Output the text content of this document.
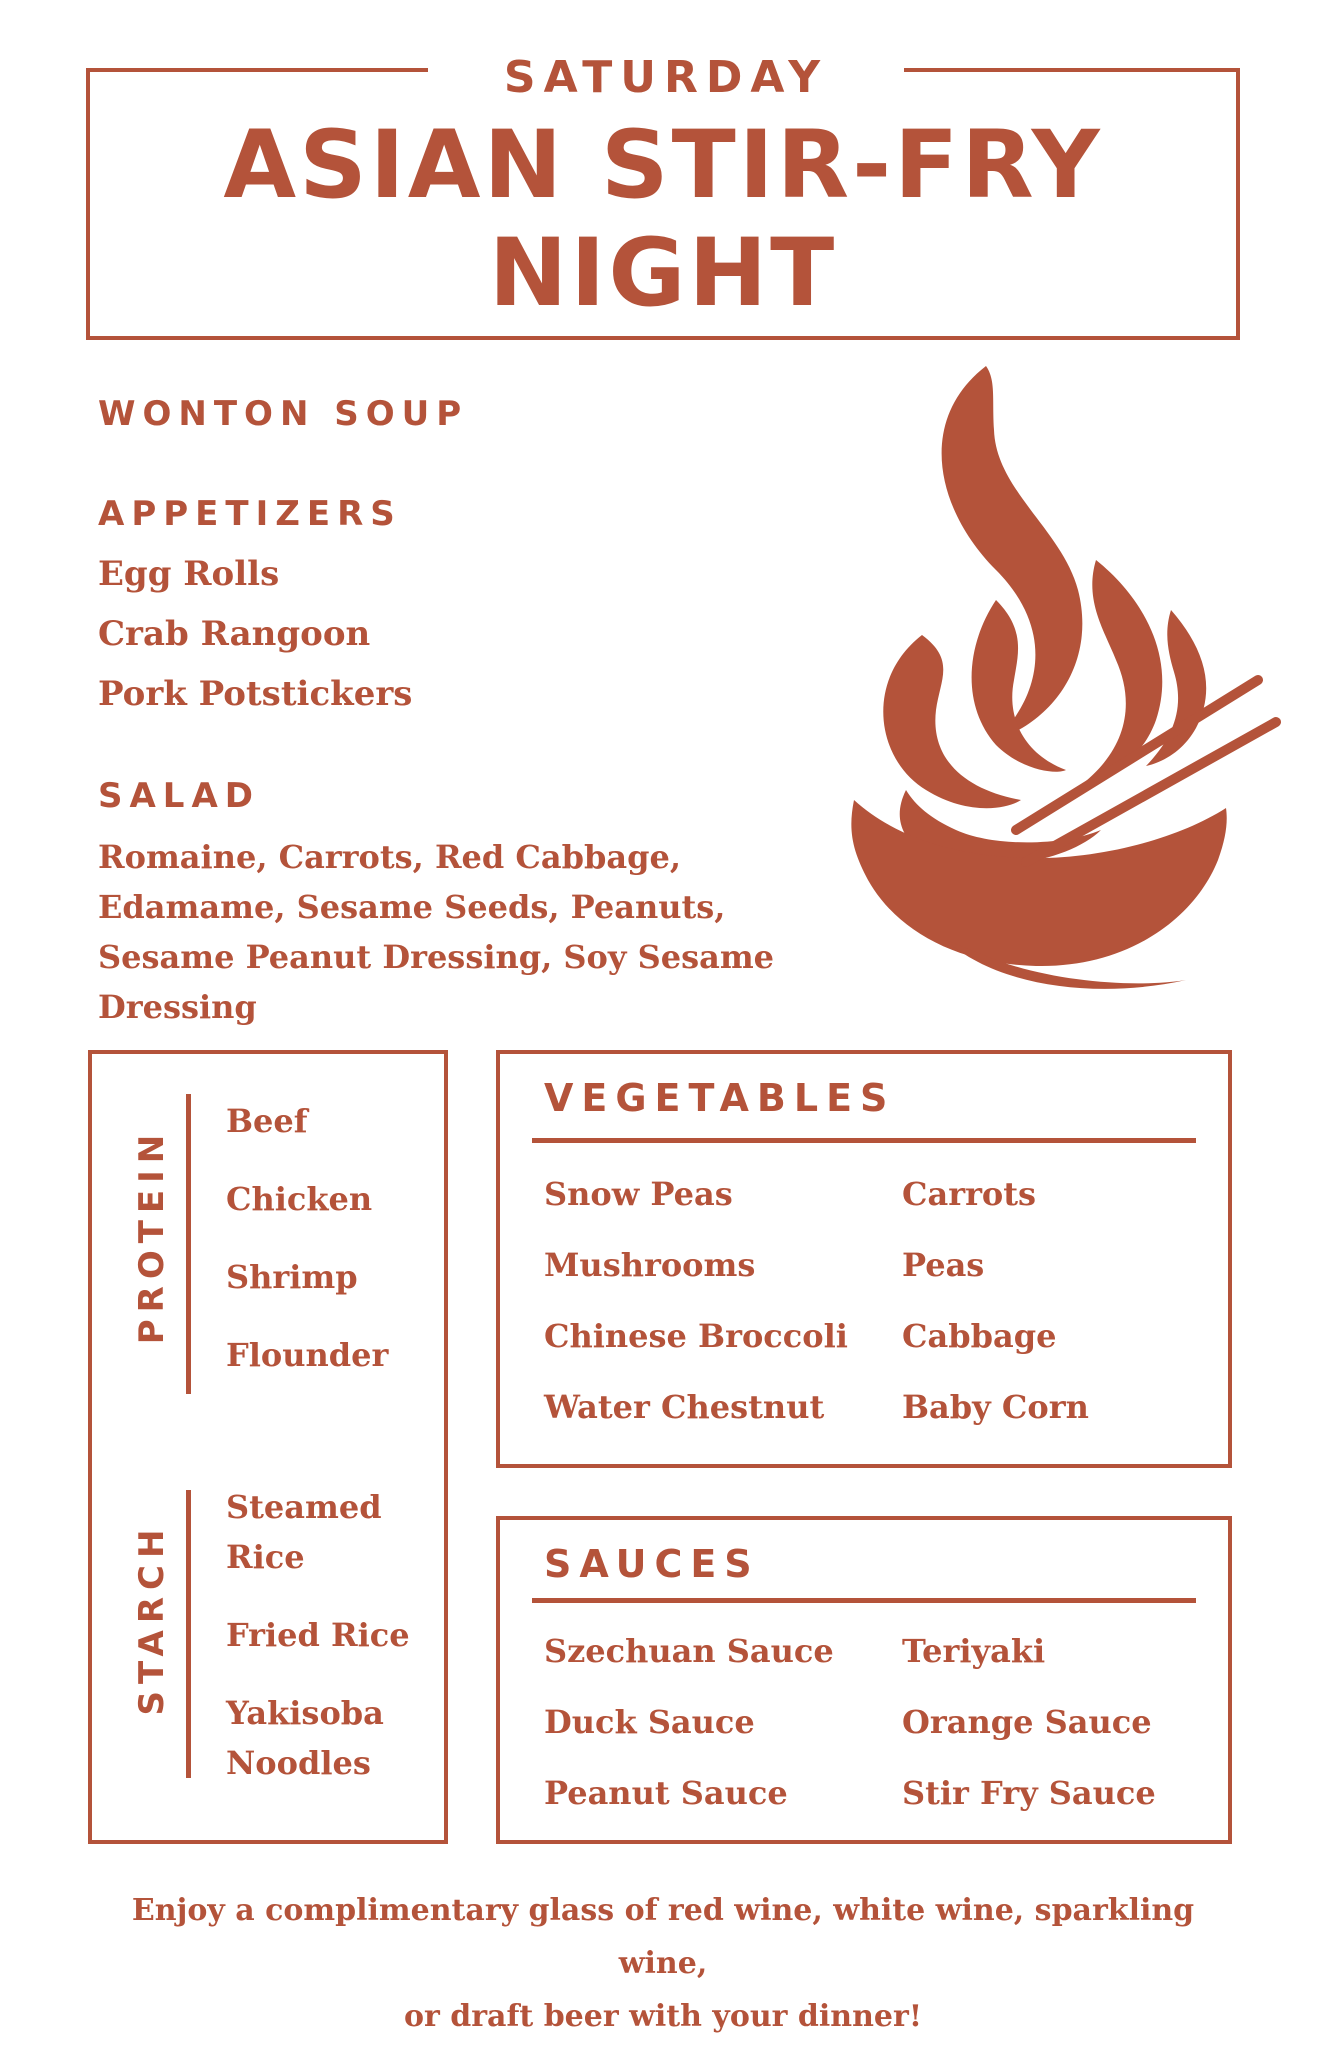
SATURDAY
ASIAN STIR-FRY
NIGHT
WONTON SOUP
APPETIZERS
Egg Rolls
Crab Rangoon
Pork Potstickers
SALAD
Romaine, Carrots, Red Cabbage,
Edamame, Sesame Seeds, Peanuts,
Sesame Peanut Dressing, Soy Sesame Dressing
PROTEIN
Beef
Chicken
Shrimp
Flounder
STARCH
Steamed Rice
Fried Rice
Yakisoba Noodles
VEGETABLES
Snow Peas
Mushrooms
Chinese Broccoli
Water Chestnut
Carrots
Peas
Cabbage
Baby Corn
SAUCES
Szechuan Sauce
Duck Sauce
Peanut Sauce
Teriyaki
Orange Sauce
Stir Fry Sauce
Enjoy a complimentary glass of red wine, white wine, sparkling wine,
or draft beer with your dinner!
